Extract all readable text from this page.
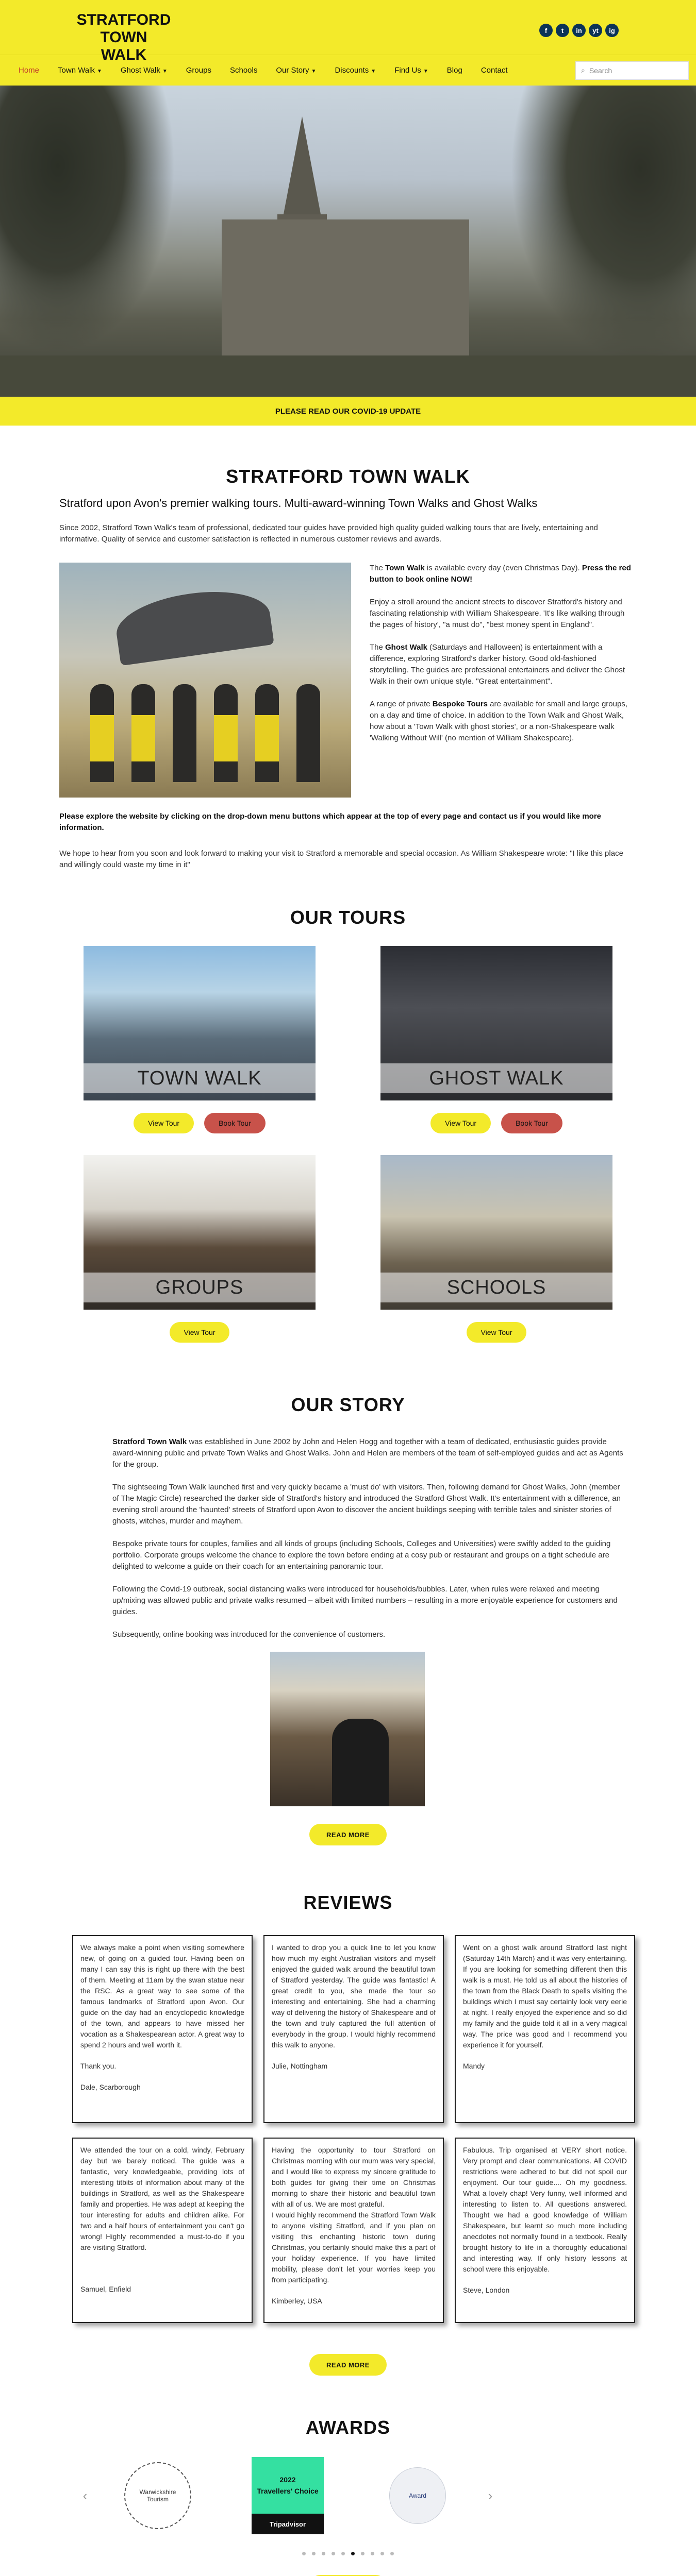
STRATFORD TOWN
WALK
f	t	in	yt	ig
Home Town Walk ▼ Ghost Walk ▼ Groups Schools Our Story ▼ Discounts ▼ Find Us ▼ Blog Contact	⌕ Search
PLEASE READ OUR COVID-19 UPDATE
STRATFORD TOWN WALK
Stratford upon Avon's premier walking tours. Multi-award-winning Town Walks and Ghost Walks
Since 2002, Stratford Town Walk's team of professional, dedicated tour guides have provided high quality guided walking tours that are lively, entertaining and informative. Quality of service and customer satisfaction is reflected in numerous customer reviews and awards.

The Town Walk is available every day (even Christmas Day). Press the red button to book online NOW!

Enjoy a stroll around the ancient streets to discover Stratford's history and fascinating relationship with William Shakespeare. 'It's like walking through the pages of history', "a must do", "best money spent in England".

The Ghost Walk (Saturdays and Halloween) is entertainment with a difference, exploring Stratford's darker history. Good old-fashioned storytelling. The guides are professional entertainers and deliver the Ghost Walk in their own unique style. "Great entertainment".

A range of private Bespoke Tours are available for small and large groups, on a day and time of choice. In addition to the Town Walk and Ghost Walk, how about a 'Town Walk with ghost stories', or a non-Shakespeare walk 'Walking Without Will' (no mention of William Shakespeare).

Please explore the website by clicking on the drop-down menu buttons which appear at the top of every page and contact us if you would like more information.
We hope to hear from you soon and look forward to making your visit to Stratford a memorable and special occasion. As William Shakespeare wrote: "I like this place and willingly could waste my time in it"
OUR TOURS
TOWN WALK
View Tour	Book Tour
GHOST WALK
View Tour	Book Tour
GROUPS
View Tour
SCHOOLS
View Tour
OUR STORY

Stratford Town Walk was established in June 2002 by John and Helen Hogg and together with a team of dedicated, enthusiastic guides provide award-winning public and private Town Walks and Ghost Walks. John and Helen are members of the team of self-employed guides and act as Agents for the group.

The sightseeing Town Walk launched first and very quickly became a 'must do' with visitors. Then, following demand for Ghost Walks, John (member of The Magic Circle) researched the darker side of Stratford's history and introduced the Stratford Ghost Walk. It's entertainment with a difference, an evening stroll around the 'haunted' streets of Stratford upon Avon to discover the ancient buildings seeping with terrible tales and sinister stories of ghosts, witches, murder and mayhem.

Bespoke private tours for couples, families and all kinds of groups (including Schools, Colleges and Universities) were swiftly added to the guiding portfolio. Corporate groups welcome the chance to explore the town before ending at a cosy pub or restaurant and groups on a tight schedule are delighted to welcome a guide on their coach for an entertaining panoramic tour.

Following the Covid-19 outbreak, social distancing walks were introduced for households/bubbles. Later, when rules were relaxed and meeting up/mixing was allowed public and private walks resumed – albeit with limited numbers – resulting in a more enjoyable experience for customers and guides.

Subsequently, online booking was introduced for the convenience of customers.

READ MORE
REVIEWS
We always make a point when visiting somewhere new, of going on a guided tour. Having been on many I can say this is right up there with the best of them. Meeting at 11am by the swan statue near the RSC. As a great way to see some of the famous landmarks of Stratford upon Avon. Our guide on the day had an encyclopedic knowledge of the town, and appears to have missed her vocation as a Shakespearean actor. A great way to spend 2 hours and well worth it.
Thank you.
Dale, Scarborough
I wanted to drop you a quick line to let you know how much my eight Australian visitors and myself enjoyed the guided walk around the beautiful town of Stratford yesterday. The guide was fantastic! A great credit to you, she made the tour so interesting and entertaining. She had a charming way of delivering the history of Shakespeare and of the town and truly captured the full attention of everybody in the group. I would highly recommend this walk to anyone.
Julie, Nottingham
Went on a ghost walk around Stratford last night (Saturday 14th March) and it was very entertaining. If you are looking for something different then this walk is a must. He told us all about the histories of the town from the Black Death to spells visiting the buildings which I must say certainly look very eerie at night. I really enjoyed the experience and so did my family and the guide told it all in a very magical way. The price was good and I recommend you experience it for yourself.
Mandy
We attended the tour on a cold, windy, February day but we barely noticed. The guide was a fantastic, very knowledgeable, providing lots of interesting titbits of information about many of the buildings in Stratford, as well as the Shakespeare family and properties. He was adept at keeping the tour interesting for adults and children alike. For two and a half hours of entertainment you can't go wrong! Highly recommended a must-to-do if you are visiting Stratford.
Samuel, Enfield
Having the opportunity to tour Stratford on Christmas morning with our mum was very special, and I would like to express my sincere gratitude to both guides for giving their time on Christmas morning to share their historic and beautiful town with all of us. We are most grateful.
I would highly recommend the Stratford Town Walk to anyone visiting Stratford, and if you plan on visiting this enchanting historic town during Christmas, you certainly should make this a part of your holiday experience. If you have limited mobility, please don't let your worries keep you from participating.
Kimberley, USA
Fabulous. Trip organised at VERY short notice. Very prompt and clear communications. All COVID restrictions were adhered to but did not spoil our enjoyment. Our tour guide.... Oh my goodness. What a lovely chap! Very funny, well informed and interesting to listen to. All questions answered. Thought we had a good knowledge of William Shakespeare, but learnt so much more including anecdotes not normally found in a textbook. Really brought history to life in a thoroughly educational and interesting way. If only history lessons at school were this enjoyable.
Steve, London
READ MORE
AWARDS
‹	Warwickshire
Tourism
2022
Travellers' Choice
Tripadvisor
Award	›
